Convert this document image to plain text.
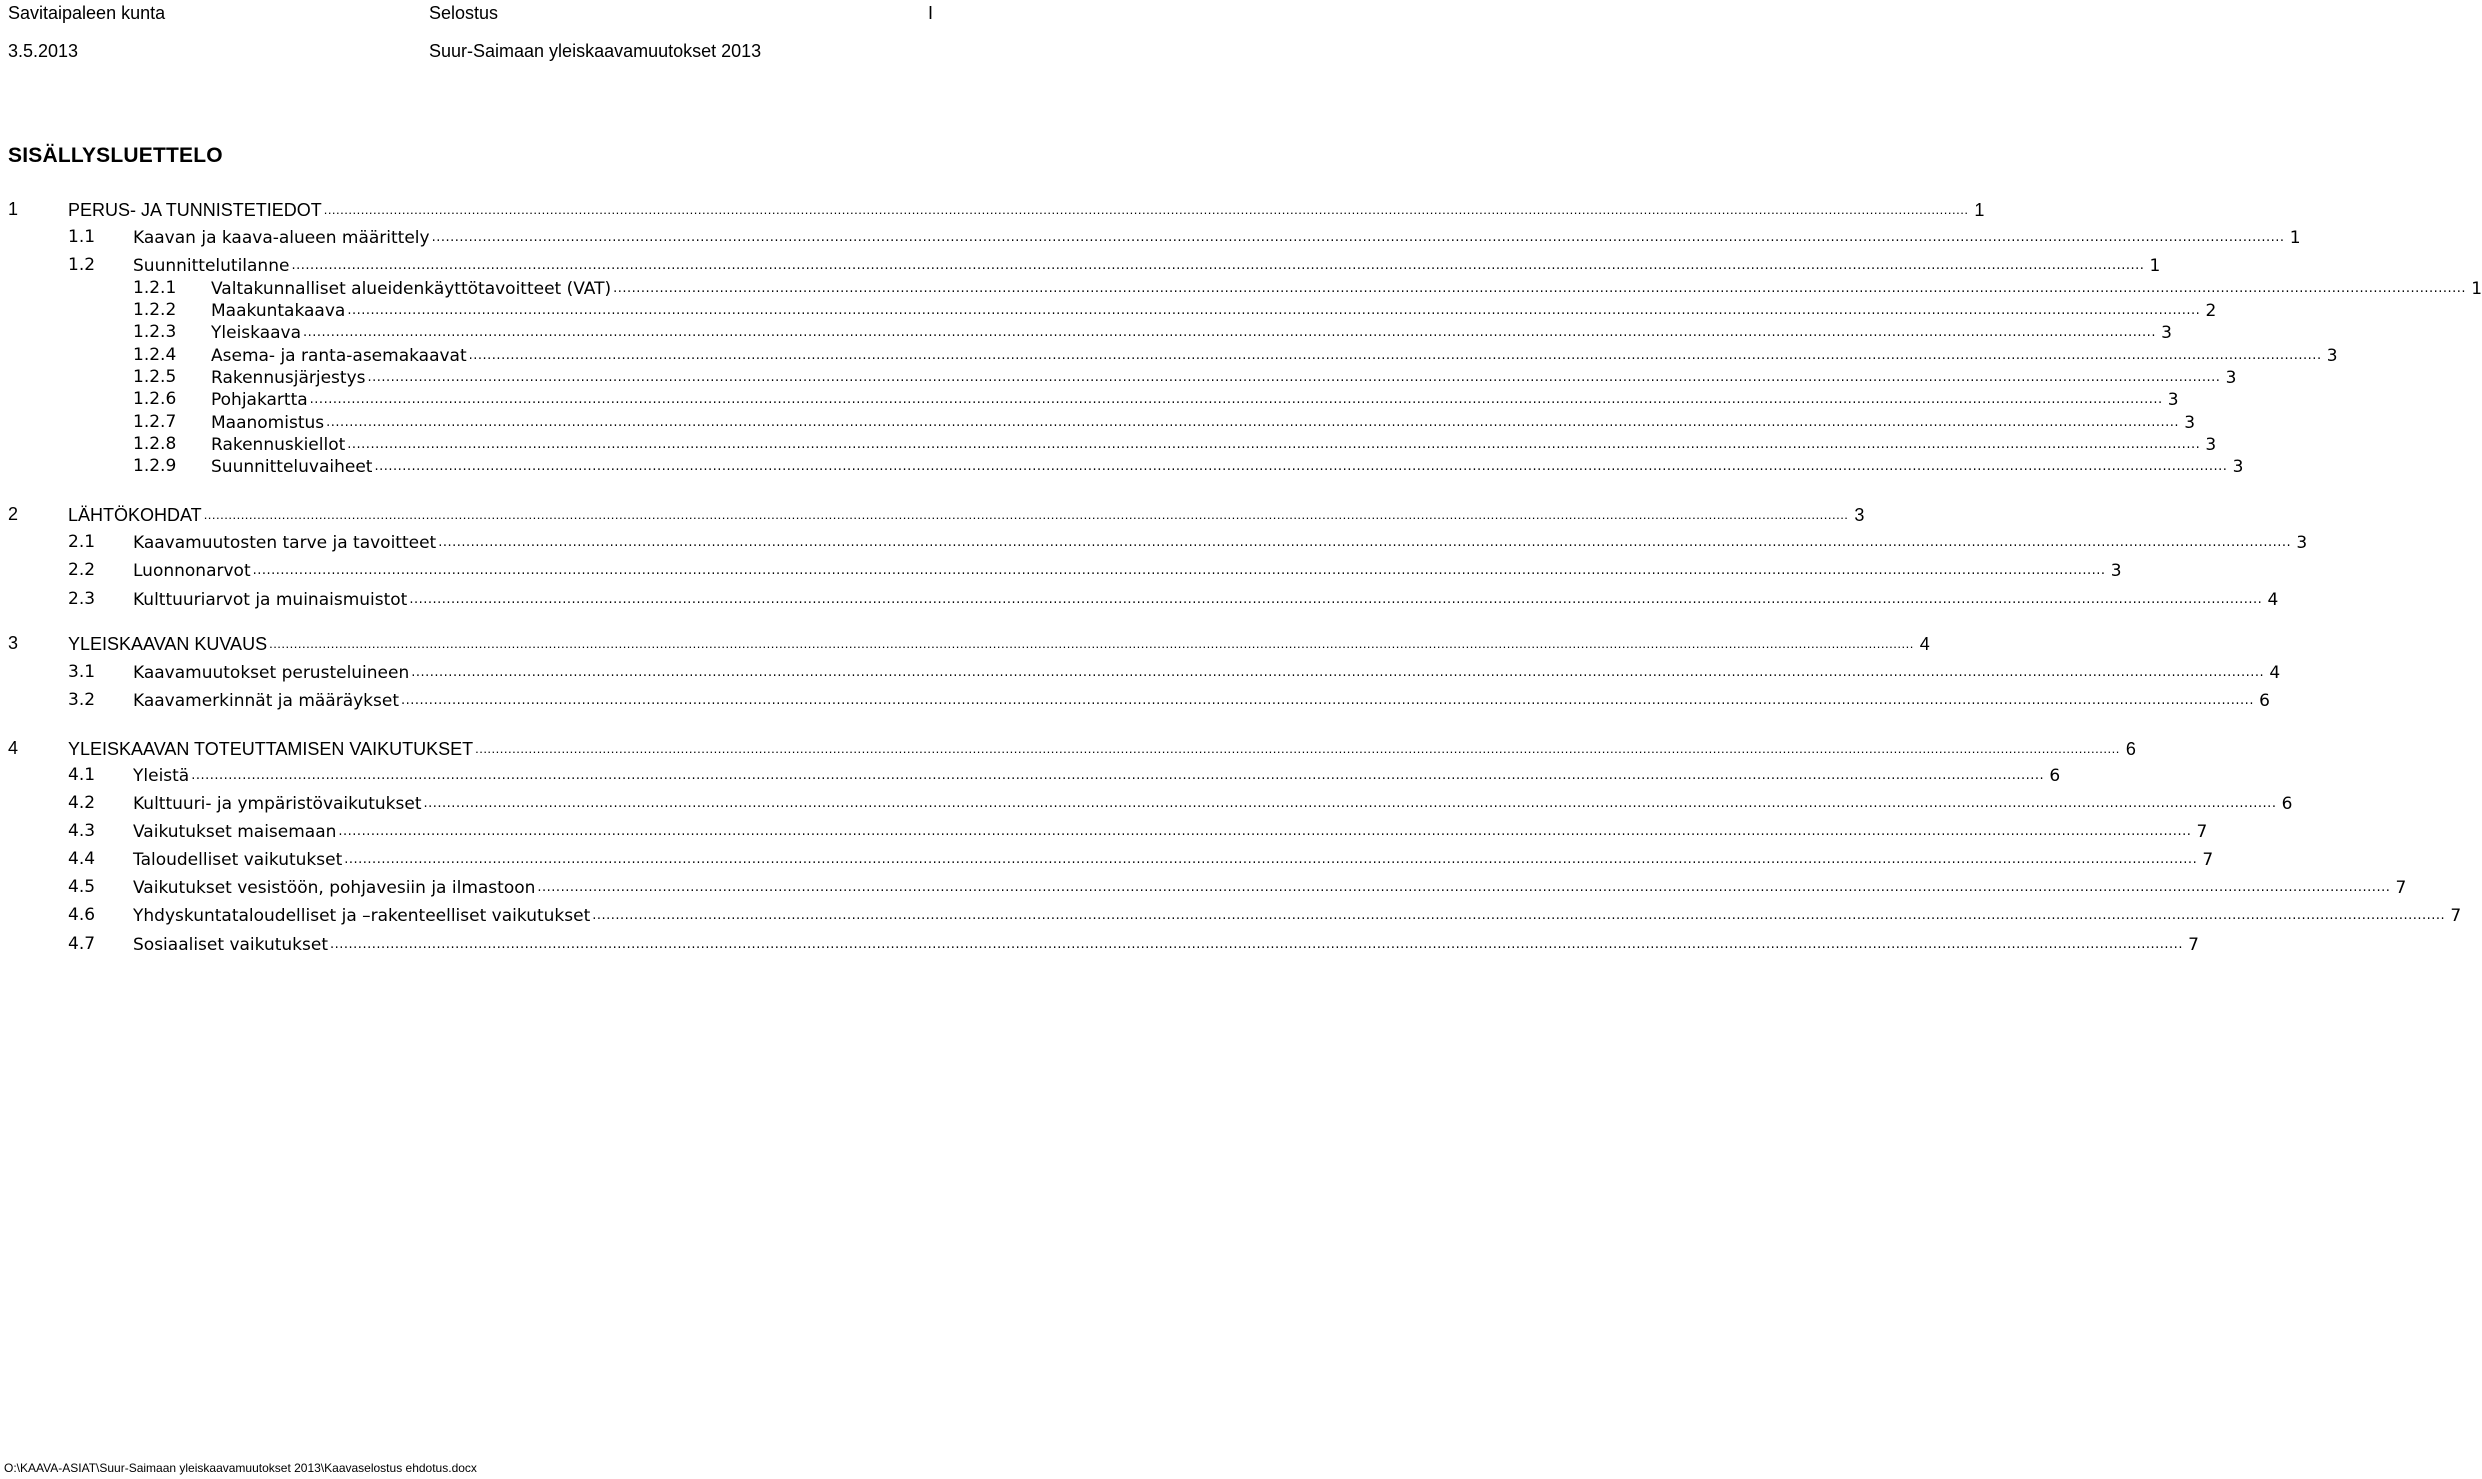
Savitaipaleen kunta	Selostus	I
3.5.2013	Suur-Saimaan yleiskaavamuutokset 2013
SISÄLLYSLUETTELO
1	PERUS- JA TUNNISTETIEDOT ................................................................................................................................................................................................................................................................................................................................................................................................................ 1
1.1 Kaavan ja kaava-alueen määrittely ................................................................................................................................................................................................................................................................................................................................................................................................................ 1
1.2 Suunnittelutilanne ................................................................................................................................................................................................................................................................................................................................................................................................................ 1
1.2.1 Valtakunnalliset alueidenkäyttötavoitteet (VAT) ................................................................................................................................................................................................................................................................................................................................................................................................................ 1
1.2.2 Maakuntakaava ................................................................................................................................................................................................................................................................................................................................................................................................................ 2
1.2.3 Yleiskaava ................................................................................................................................................................................................................................................................................................................................................................................................................ 3
1.2.4 Asema- ja ranta-asemakaavat ................................................................................................................................................................................................................................................................................................................................................................................................................ 3
1.2.5 Rakennusjärjestys ................................................................................................................................................................................................................................................................................................................................................................................................................ 3
1.2.6 Pohjakartta ................................................................................................................................................................................................................................................................................................................................................................................................................ 3
1.2.7 Maanomistus ................................................................................................................................................................................................................................................................................................................................................................................................................ 3
1.2.8 Rakennuskiellot ................................................................................................................................................................................................................................................................................................................................................................................................................ 3
1.2.9 Suunnitteluvaiheet ................................................................................................................................................................................................................................................................................................................................................................................................................ 3
2	LÄHTÖKOHDAT ................................................................................................................................................................................................................................................................................................................................................................................................................ 3
2.1 Kaavamuutosten tarve ja tavoitteet ................................................................................................................................................................................................................................................................................................................................................................................................................ 3
2.2 Luonnonarvot ................................................................................................................................................................................................................................................................................................................................................................................................................ 3
2.3 Kulttuuriarvot ja muinaismuistot ................................................................................................................................................................................................................................................................................................................................................................................................................ 4
3	YLEISKAAVAN KUVAUS ................................................................................................................................................................................................................................................................................................................................................................................................................ 4
3.1 Kaavamuutokset perusteluineen ................................................................................................................................................................................................................................................................................................................................................................................................................ 4
3.2 Kaavamerkinnät ja määräykset ................................................................................................................................................................................................................................................................................................................................................................................................................ 6
4	YLEISKAAVAN TOTEUTTAMISEN VAIKUTUKSET ................................................................................................................................................................................................................................................................................................................................................................................................................ 6
4.1 Yleistä ................................................................................................................................................................................................................................................................................................................................................................................................................ 6
4.2 Kulttuuri- ja ympäristövaikutukset ................................................................................................................................................................................................................................................................................................................................................................................................................ 6
4.3 Vaikutukset maisemaan ................................................................................................................................................................................................................................................................................................................................................................................................................ 7
4.4 Taloudelliset vaikutukset ................................................................................................................................................................................................................................................................................................................................................................................................................ 7
4.5 Vaikutukset vesistöön, pohjavesiin ja ilmastoon ................................................................................................................................................................................................................................................................................................................................................................................................................ 7
4.6 Yhdyskuntataloudelliset ja –rakenteelliset vaikutukset ................................................................................................................................................................................................................................................................................................................................................................................................................ 7
4.7 Sosiaaliset vaikutukset ................................................................................................................................................................................................................................................................................................................................................................................................................ 7
O:\KAAVA-ASIAT\Suur-Saimaan yleiskaavamuutokset 2013\Kaavaselostus ehdotus.docx
